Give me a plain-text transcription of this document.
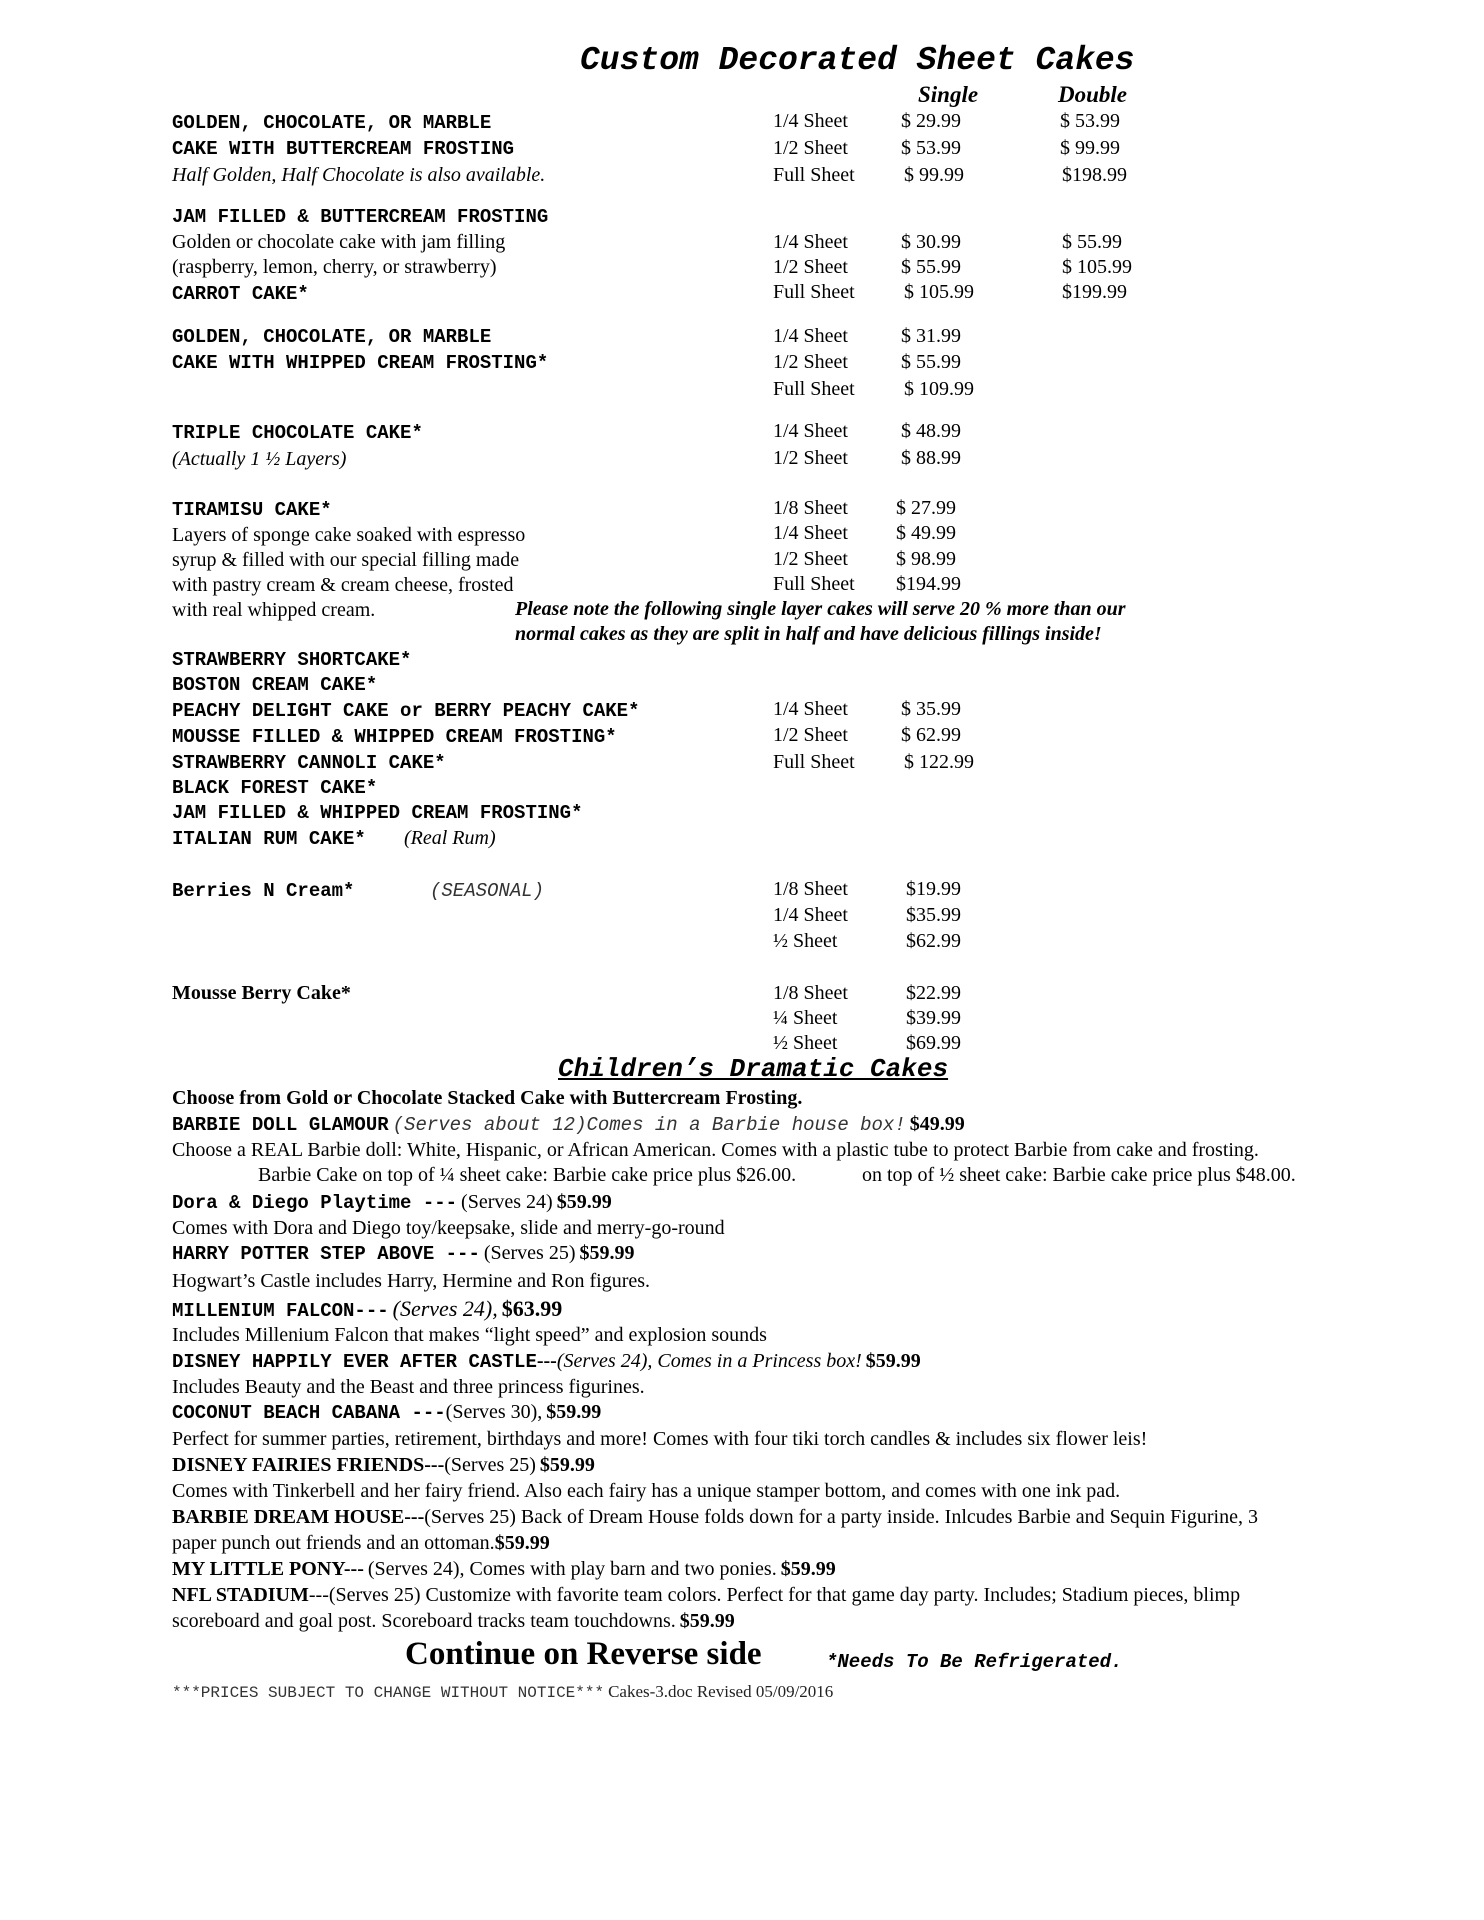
Custom Decorated Sheet Cakes
Single	Double
GOLDEN, CHOCOLATE, OR MARBLE
CAKE WITH BUTTERCREAM FROSTING
Half Golden, Half Chocolate is also available.
1/4 Sheet	$ 29.99	$ 53.99
1/2 Sheet	$ 53.99	$ 99.99
Full Sheet $ 99.99	$198.99
JAM FILLED & BUTTERCREAM FROSTING
Golden or chocolate cake with jam filling
(raspberry, lemon, cherry, or strawberry)
CARROT CAKE*
1/4 Sheet	$ 30.99	$ 55.99
1/2 Sheet	$ 55.99	$ 105.99
Full Sheet $ 105.99	$199.99
GOLDEN, CHOCOLATE, OR MARBLE
CAKE WITH WHIPPED CREAM FROSTING*
1/4 Sheet	$ 31.99
1/2 Sheet	$ 55.99
Full Sheet $ 109.99
TRIPLE CHOCOLATE CAKE*
(Actually 1 ½ Layers)
1/4 Sheet	$ 48.99
1/2 Sheet	$ 88.99
TIRAMISU CAKE*
Layers of sponge cake soaked with espresso
syrup & filled with our special filling made
with pastry cream & cream cheese, frosted
with real whipped cream.
1/8 Sheet $ 27.99
1/4 Sheet $ 49.99
1/2 Sheet $ 98.99
Full Sheet $194.99
Please note the following single layer cakes will serve 20 % more than our
normal cakes as they are split in half and have delicious fillings inside!
STRAWBERRY SHORTCAKE*
BOSTON CREAM CAKE*
PEACHY DELIGHT CAKE or BERRY PEACHY CAKE*
MOUSSE FILLED & WHIPPED CREAM FROSTING*
STRAWBERRY CANNOLI CAKE*
BLACK FOREST CAKE*
JAM FILLED & WHIPPED CREAM FROSTING*
ITALIAN RUM CAKE* (Real Rum)
1/4 Sheet	$ 35.99
1/2 Sheet	$ 62.99
Full Sheet $ 122.99
Berries N Cream*	(SEASONAL)	1/8 Sheet	$19.99
1/4 Sheet	$35.99
½ Sheet	$62.99
Mousse Berry Cake*	1/8 Sheet	$22.99
¼ Sheet	$39.99
½ Sheet	$69.99
Children’s Dramatic Cakes
Choose from Gold or Chocolate Stacked Cake with Buttercream Frosting.
BARBIE DOLL GLAMOUR (Serves about 12)Comes in a Barbie house box! $49.99
Choose a REAL Barbie doll: White, Hispanic, or African American. Comes with a plastic tube to protect Barbie from cake and frosting.
Barbie Cake on top of ¼ sheet cake: Barbie cake price plus $26.00.	on top of ½ sheet cake: Barbie cake price plus $48.00.
Dora & Diego Playtime --- (Serves 24) $59.99
Comes with Dora and Diego toy/keepsake, slide and merry-go-round
HARRY POTTER STEP ABOVE --- (Serves 25) $59.99
Hogwart’s Castle includes Harry, Hermine and Ron figures.
MILLENIUM FALCON--- (Serves 24), $63.99
Includes Millenium Falcon that makes “light speed” and explosion sounds
DISNEY HAPPILY EVER AFTER CASTLE---(Serves 24), Comes in a Princess box! $59.99
Includes Beauty and the Beast and three princess figurines.
COCONUT BEACH CABANA ---(Serves 30), $59.99
Perfect for summer parties, retirement, birthdays and more! Comes with four tiki torch candles & includes six flower leis!
DISNEY FAIRIES FRIENDS---(Serves 25) $59.99
Comes with Tinkerbell and her fairy friend. Also each fairy has a unique stamper bottom, and comes with one ink pad.
BARBIE DREAM HOUSE---(Serves 25) Back of Dream House folds down for a party inside. Inlcudes Barbie and Sequin Figurine, 3
paper punch out friends and an ottoman.$59.99
MY LITTLE PONY--- (Serves 24), Comes with play barn and two ponies. $59.99
NFL STADIUM---(Serves 25) Customize with favorite team colors. Perfect for that game day party. Includes; Stadium pieces, blimp
scoreboard and goal post. Scoreboard tracks team touchdowns. $59.99
Continue on Reverse side	*Needs To Be Refrigerated.
***PRICES SUBJECT TO CHANGE WITHOUT NOTICE*** Cakes-3.doc Revised 05/09/2016
